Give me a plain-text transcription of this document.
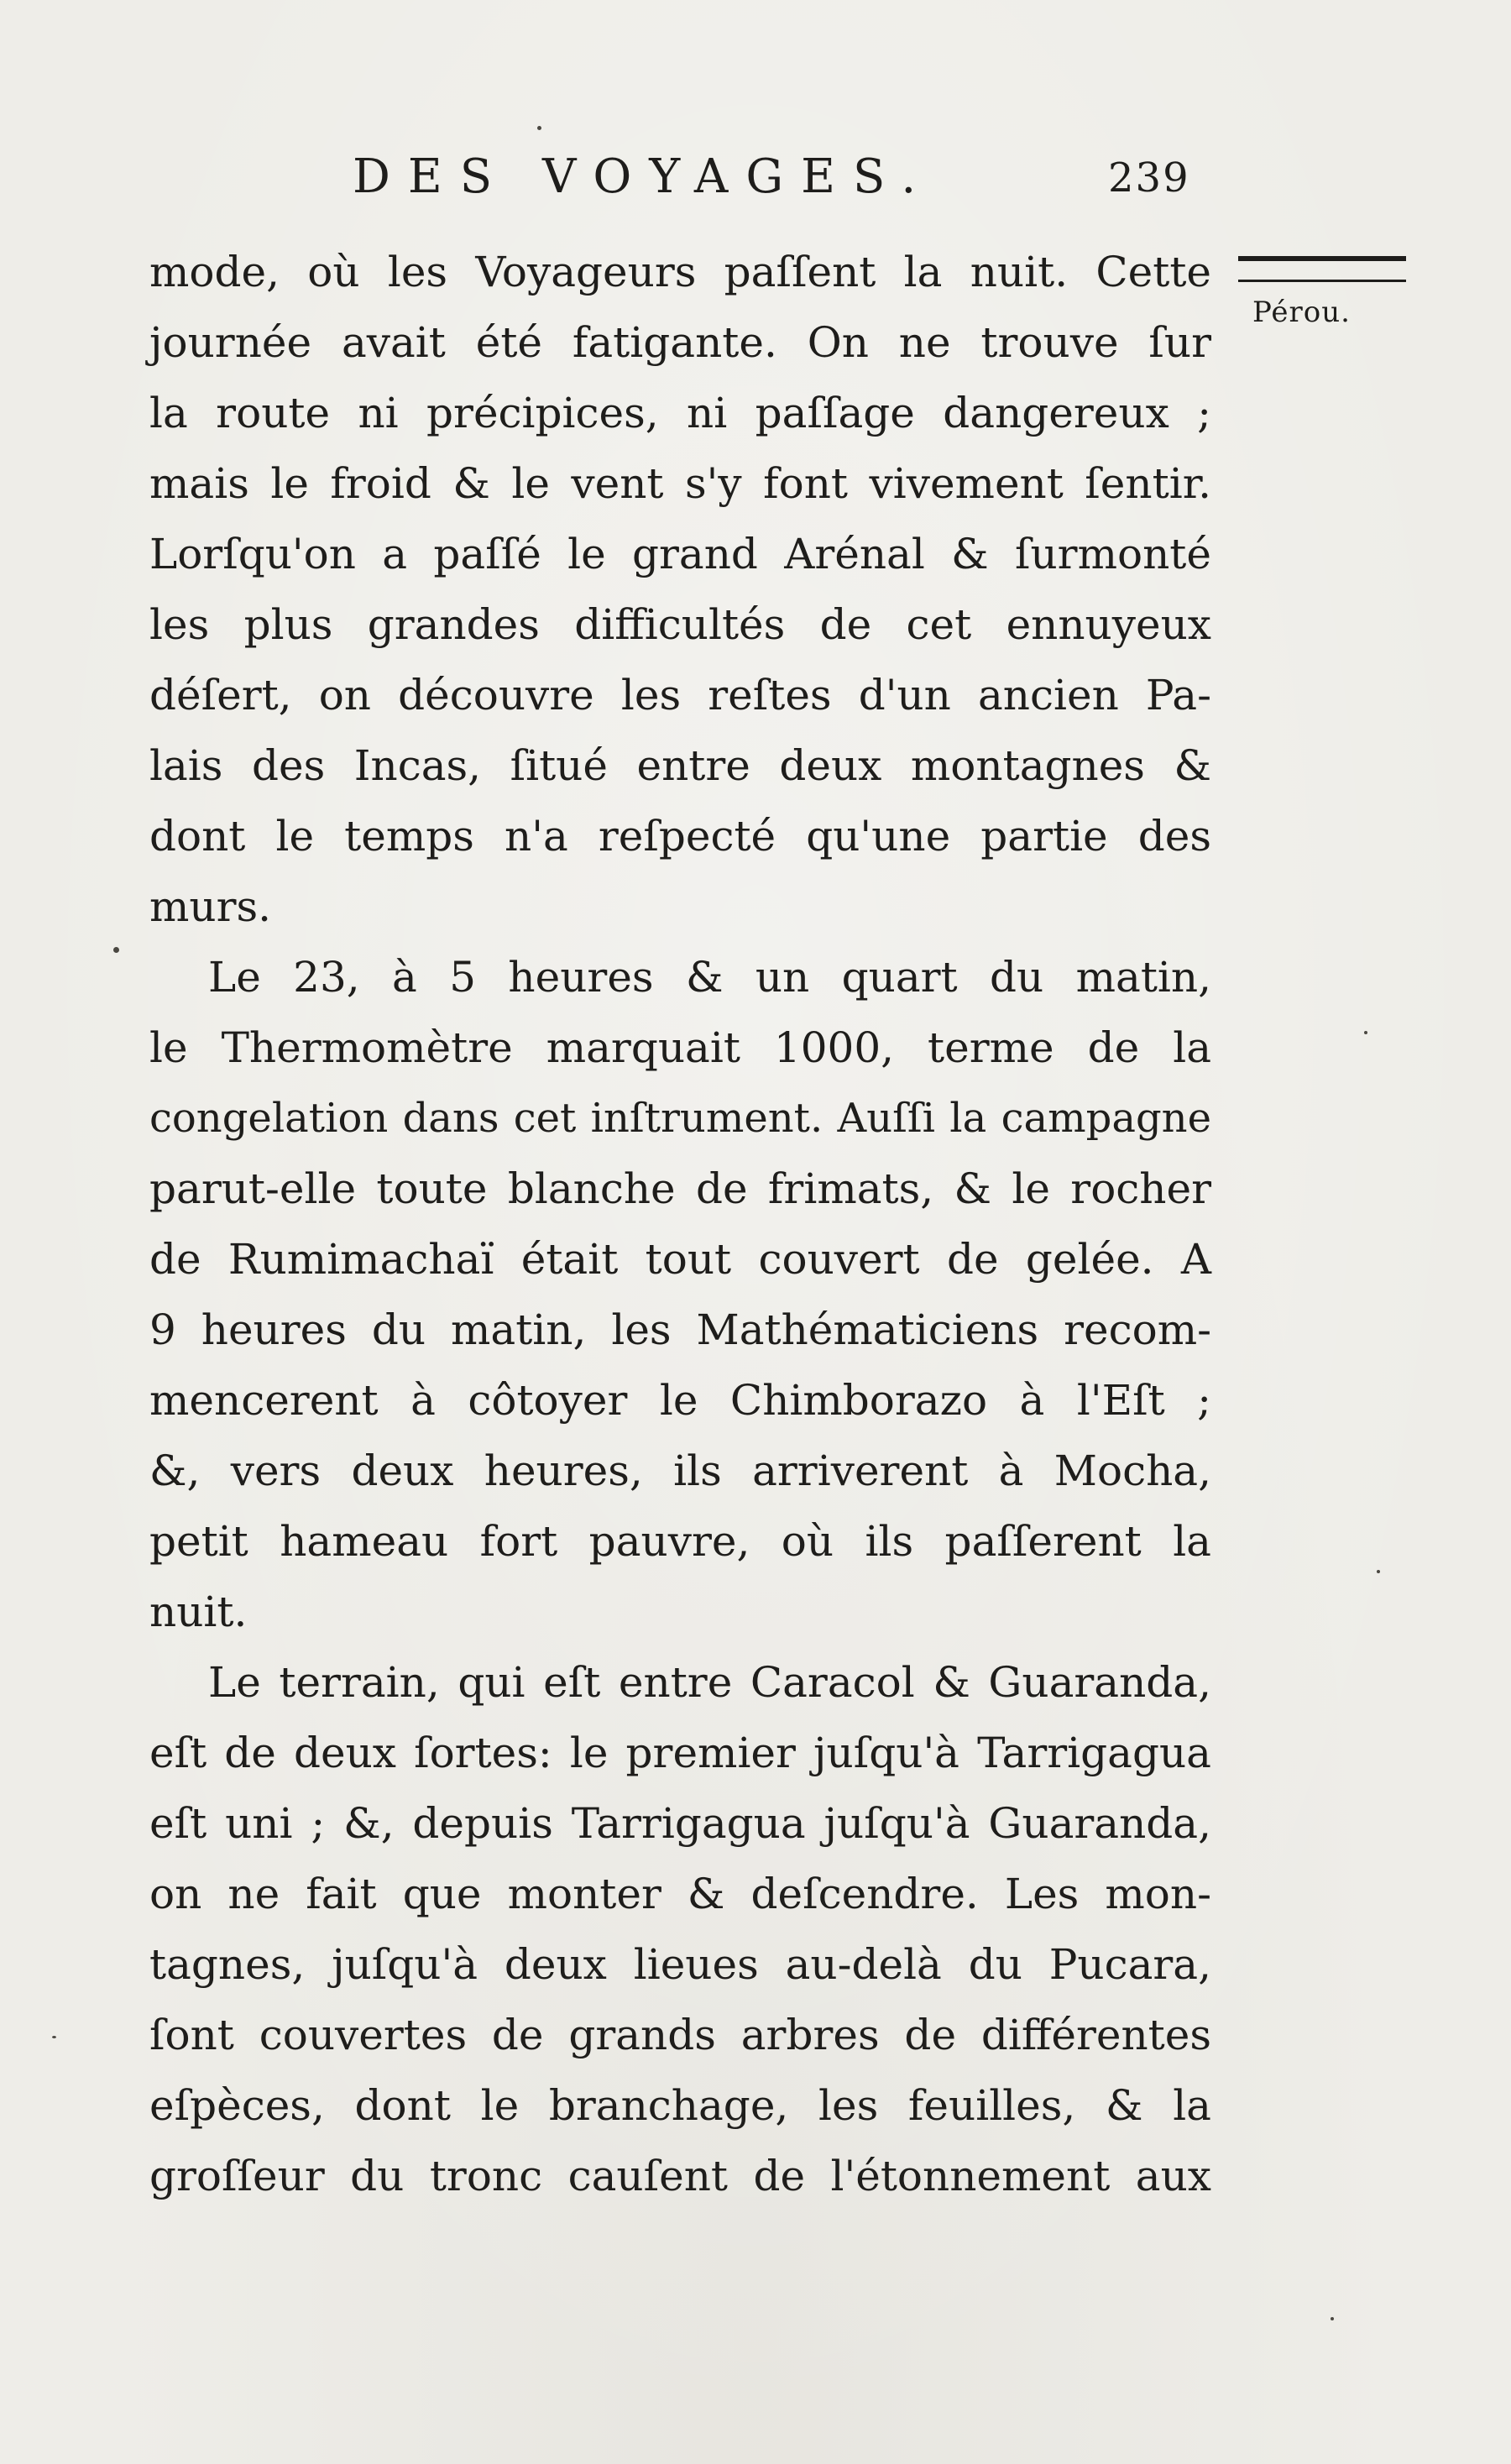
DES VOYAGES.	239
Pérou.
mode, où les Voyageurs paſſent la nuit. Cette
journée avait été fatigante. On ne trouve ſur
la route ni précipices, ni paſſage dangereux ;
mais le froid & le vent s'y font vivement ſentir.
Lorſqu'on a paſſé le grand Arénal & ſurmonté
les plus grandes difficultés de cet ennuyeux
déſert, on découvre les reſtes d'un ancien Pa-
lais des Incas, ſitué entre deux montagnes &
dont le temps n'a reſpecté qu'une partie des
murs.
Le 23, à 5 heures & un quart du matin,
le Thermomètre marquait 1000, terme de la
congelation dans cet inſtrument. Auſſi la campagne
parut-elle toute blanche de frimats, & le rocher
de Rumimachaï était tout couvert de gelée. A
9 heures du matin, les Mathématiciens recom-
mencerent à côtoyer le Chimborazo à l'Eſt ;
&, vers deux heures, ils arriverent à Mocha,
petit hameau fort pauvre, où ils paſſerent la
nuit.
Le terrain, qui eſt entre Caracol & Guaranda,
eſt de deux ſortes: le premier juſqu'à Tarrigagua
eſt uni ; &, depuis Tarrigagua juſqu'à Guaranda,
on ne fait que monter & deſcendre. Les mon-
tagnes, juſqu'à deux lieues au-delà du Pucara,
ſont couvertes de grands arbres de différentes
eſpèces, dont le branchage, les feuilles, & la
groſſeur du tronc cauſent de l'étonnement aux
